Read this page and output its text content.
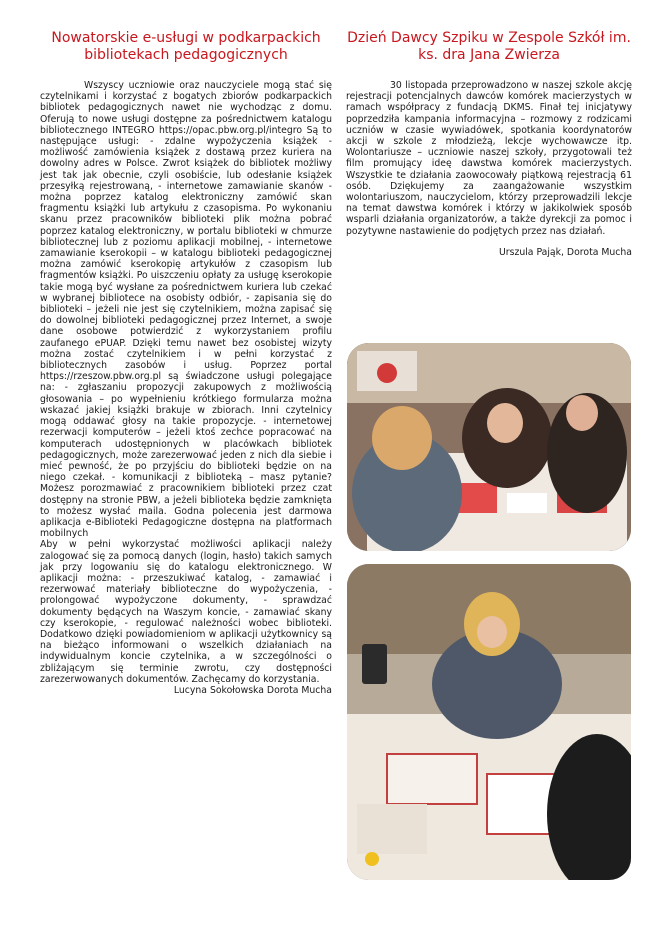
Nowatorskie e-usługi w podkarpackich bibliotekach pedagogicznych

Wszyscy uczniowie oraz nauczyciele mogą stać się czytelnikami i korzystać z bogatych zbiorów podkarpackich bibliotek pedagogicznych nawet nie wychodząc z domu. Oferują to nowe usługi dostępne za pośrednictwem katalogu bibliotecznego INTEGRO https://opac.pbw.org.pl/integro Są to następujące usługi: - zdalne wypożyczenia książek - możliwość zamówienia książek z dostawą przez kuriera na dowolny adres w Polsce. Zwrot książek do bibliotek możliwy jest tak jak obecnie, czyli osobiście, lub odesłanie książek przesyłką rejestrowaną, - internetowe zamawianie skanów - można poprzez katalog elektroniczny zamówić skan fragmentu książki lub artykułu z czasopisma. Po wykonaniu skanu przez pracowników biblioteki plik można pobrać poprzez katalog elektroniczny, w portalu biblioteki w chmurze bibliotecznej lub z poziomu aplikacji mobilnej, - internetowe zamawianie kserokopii – w katalogu biblioteki pedagogicznej można zamówić kserokopię artykułów z czasopism lub fragmentów książki. Po uiszczeniu opłaty za usługę kserokopie takie mogą być wysłane za pośrednictwem kuriera lub czekać w wybranej bibliotece na osobisty odbiór, - zapisania się do biblioteki – jeżeli nie jest się czytelnikiem, można zapisać się do dowolnej biblioteki pedagogicznej przez Internet, a swoje dane osobowe potwierdzić z wykorzystaniem profilu zaufanego ePUAP. Dzięki temu nawet bez osobistej wizyty można zostać czytelnikiem i w pełni korzystać z bibliotecznych zasobów i usług. Poprzez portal https://rzeszow.pbw.org.pl są świadczone usługi polegające na: - zgłaszaniu propozycji zakupowych z możliwością głosowania – po wypełnieniu krótkiego formularza można wskazać jakiej książki brakuje w zbiorach. Inni czytelnicy mogą oddawać głosy na takie propozycje. - internetowej rezerwacji komputerów – jeżeli ktoś zechce popracować na komputerach udostępnionych w placówkach bibliotek pedagogicznych, może zarezerwować jeden z nich dla siebie i mieć pewność, że po przyjściu do biblioteki będzie on na niego czekał. - komunikacji z biblioteką – masz pytanie? Możesz porozmawiać z pracownikiem biblioteki przez czat dostępny na stronie PBW, a jeżeli biblioteka będzie zamknięta to możesz wysłać maila. Godna polecenia jest darmowa aplikacja e-Biblioteki Pedagogiczne dostępna na platformach mobilnych

Aby w pełni wykorzystać możliwości aplikacji należy zalogować się za pomocą danych (login, hasło) takich samych jak przy logowaniu się do katalogu elektronicznego. W aplikacji można: - przeszukiwać katalog, - zamawiać i rezerwować materiały biblioteczne do wypożyczenia, - prolongować wypożyczone dokumenty, - sprawdzać dokumenty będących na Waszym koncie, - zamawiać skany czy kserokopie, - regulować należności wobec biblioteki. Dodatkowo dzięki powiadomieniom w aplikacji użytkownicy są na bieżąco informowani o wszelkich działaniach na indywidualnym koncie czytelnika, a w szczególności o zbliżającym się terminie zwrotu, czy dostępności zarezerwowanych dokumentów. Zachęcamy do korzystania.

Lucyna Sokołowska Dorota Mucha

Dzień Dawcy Szpiku w Zespole Szkół im. ks. dra Jana Zwierza

30 listopada przeprowadzono w naszej szkole akcję rejestracji potencjalnych dawców komórek macierzystych w ramach współpracy z fundacją DKMS. Finał tej inicjatywy poprzedziła kampania informacyjna – rozmowy z rodzicami uczniów w czasie wywiadówek, spotkania koordynatorów akcji w szkole z młodzieżą, lekcje wychowawcze itp. Wolontariusze – uczniowie naszej szkoły, przygotowali też film promujący ideę dawstwa komórek macierzystych. Wszystkie te działania zaowocowały piątkową rejestracją 61 osób. Dziękujemy za zaangażowanie wszystkim wolontariuszom, nauczycielom, którzy przeprowadzili lekcje na temat dawstwa komórek i którzy w jakikolwiek sposób wsparli działania organizatorów, a także dyrekcji za pomoc i pozytywne nastawienie do podjętych przez nas działań.

Urszula Pająk, Dorota Mucha
